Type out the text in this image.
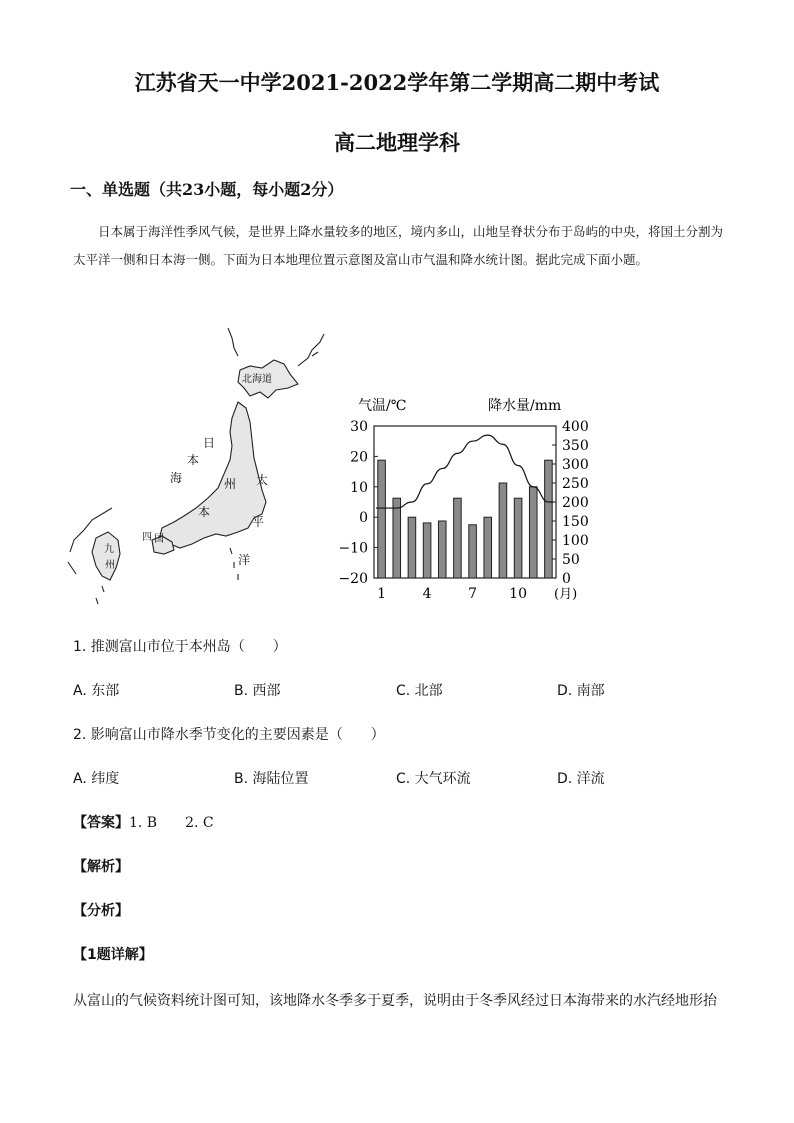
江苏省天一中学2021-2022学年第二学期高二期中考试
高二地理学科
一、单选题（共23小题，每小题2分）

日本属于海洋性季风气候，是世界上降水量较多的地区，境内多山，山地呈脊状分布于岛屿的中央，将国土分割为太平洋一侧和日本海一侧。下面为日本地理位置示意图及富山市气温和降水统计图。据此完成下面小题。

北海道
日
本
海	州
本
太
平
洋
四 国
九
州
气温/℃	降水量/mm
30
20
10
0
−10
−20
400
350
300
250
200
150
100
50
0
1	4	7 10 (月)
1. 推测富山市位于本州岛（　　）
A. 东部	B. 西部	C. 北部	D. 南部
2. 影响富山市降水季节变化的主要因素是（　　）
A. 纬度	B. 海陆位置	C. 大气环流	D. 洋流
【答案】1. B　　2. C
【解析】
【分析】
【1题详解】
从富山的气候资料统计图可知，该地降水冬季多于夏季，说明由于冬季风经过日本海带来的水汽经地形抬
